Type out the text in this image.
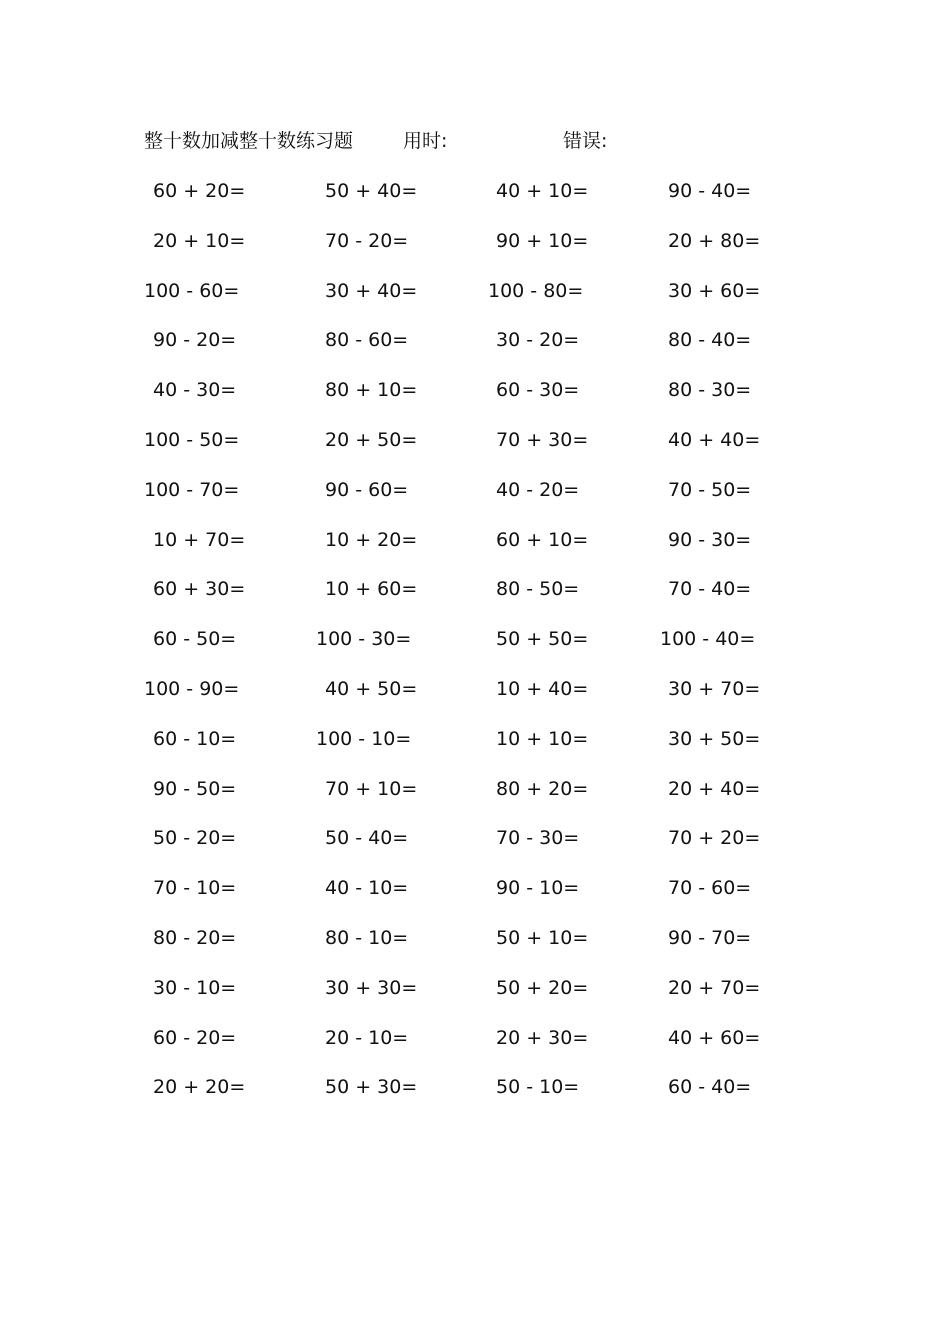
整十数加减整十数练习题	用时:	错误:
60 + 20=	50 + 40=	40 + 10=	90 - 40=
20 + 10=	70 - 20=	90 + 10=	20 + 80=
100 - 60=	30 + 40=	100 - 80=	30 + 60=
90 - 20=	80 - 60=	30 - 20=	80 - 40=
40 - 30=	80 + 10=	60 - 30=	80 - 30=
100 - 50=	20 + 50=	70 + 30=	40 + 40=
100 - 70=	90 - 60=	40 - 20=	70 - 50=
10 + 70=	10 + 20=	60 + 10=	90 - 30=
60 + 30=	10 + 60=	80 - 50=	70 - 40=
60 - 50=	100 - 30=	50 + 50=	100 - 40=
100 - 90=	40 + 50=	10 + 40=	30 + 70=
60 - 10=	100 - 10=	10 + 10=	30 + 50=
90 - 50=	70 + 10=	80 + 20=	20 + 40=
50 - 20=	50 - 40=	70 - 30=	70 + 20=
70 - 10=	40 - 10=	90 - 10=	70 - 60=
80 - 20=	80 - 10=	50 + 10=	90 - 70=
30 - 10=	30 + 30=	50 + 20=	20 + 70=
60 - 20=	20 - 10=	20 + 30=	40 + 60=
20 + 20=	50 + 30=	50 - 10=	60 - 40=
